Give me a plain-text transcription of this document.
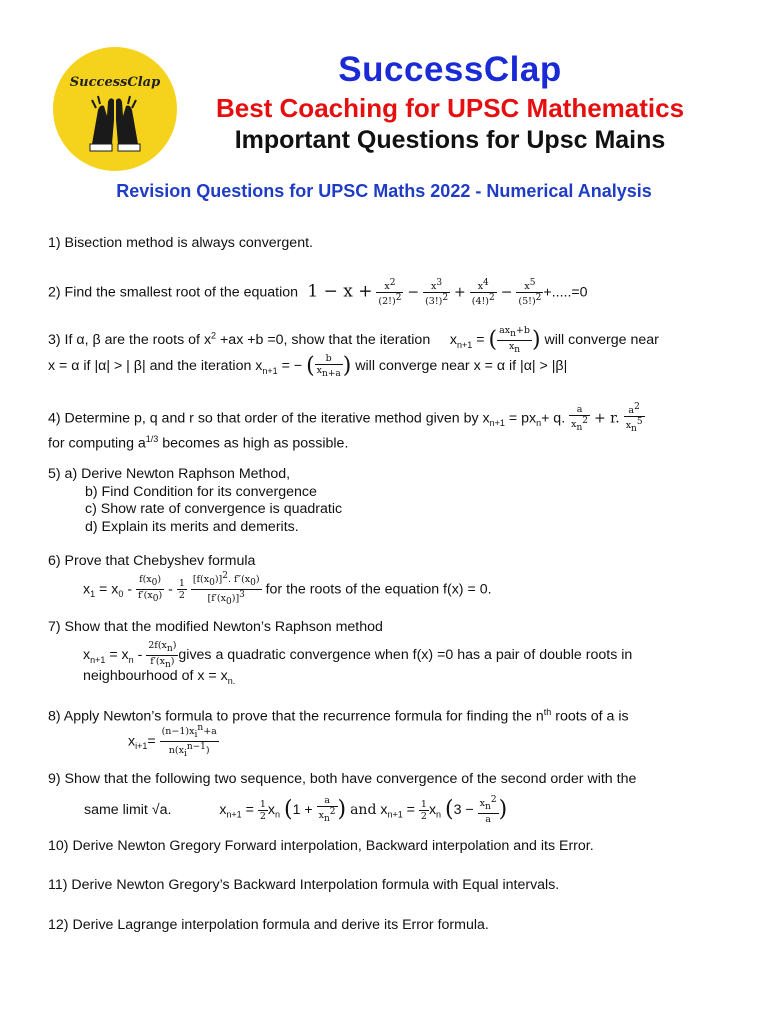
SuccessClap	SuccessClap
Best Coaching for UPSC Mathematics
Important Questions for Upsc Mains
Revision Questions for UPSC Maths 2022 - Numerical Analysis
1) Bisection method is always convergent.
2) Find the smallest root of the equation  $1 - x + \frac{x^2}{(2!)^2} - \frac{x^3}{(3!)^2} + \frac{x^4}{(4!)^2} - \frac{x^5}{(5!)^2} +.....=0$
3) If α, β are the roots of $x^2 +ax +b =0$, show that the iteration     $x_{n+1}$ = ( $\frac{ax_n+b}{x_n}$ ) will converge near
x = α if |α| > | β| and the iteration $x_{n+1}$ = − ( $\frac{b}{x_{n+a}}$ ) will converge near x = α if |α| > |β|
4) Determine p, q and r so that order of the iterative method given by $x_{n+1} = px_n+ q$. $\frac{a}{x_n^2} + r$. $\frac{a^2}{x_n^5}$
for computing $a^{1/3}$ becomes as high as possible.
5) a) Derive Newton Raphson Method,
b) Find Condition for its convergence
c) Show rate of convergence is quadratic
d) Explain its merits and demerits.
6) Prove that Chebyshev formula
$x_1 = x_0 - \frac{f(x_0)}{f'(x_0)} - \frac{1}{2}$
$\frac{[f(x_0)]^2. f''(x_0)}{[f'(x_0)]^3}$ for the roots of the equation f(x) = 0.
7) Show that the modified Newton’s Raphson method
$x_{n+1} = x_n - \frac{2f(x_n)}{f'(x_n)}$ gives a quadratic convergence when f(x) =0 has a pair of double roots in
neighbourhood of $x = x_{n.}$
8) Apply Newton’s formula to prove that the recurrence formula for finding the $n^{th}$ roots of a is
$x_{i+1}= \frac{(n-1)x_i^n+a}{n(x_i^{n-1})}$
9) Show that the following two sequence, both have convergence of the second order with the
same limit √a.	$x_{n+1} = \frac{1}{2} x_n$ ($1 + \frac{a}{x_n^2}$ ) and $x_{n+1} = \frac{1}{2} x_n$ ($3 - \frac{x_n^2}{a}$ )
10) Derive Newton Gregory Forward interpolation, Backward interpolation and its Error.
11) Derive Newton Gregory’s Backward Interpolation formula with Equal intervals.
12) Derive Lagrange interpolation formula and derive its Error formula.
